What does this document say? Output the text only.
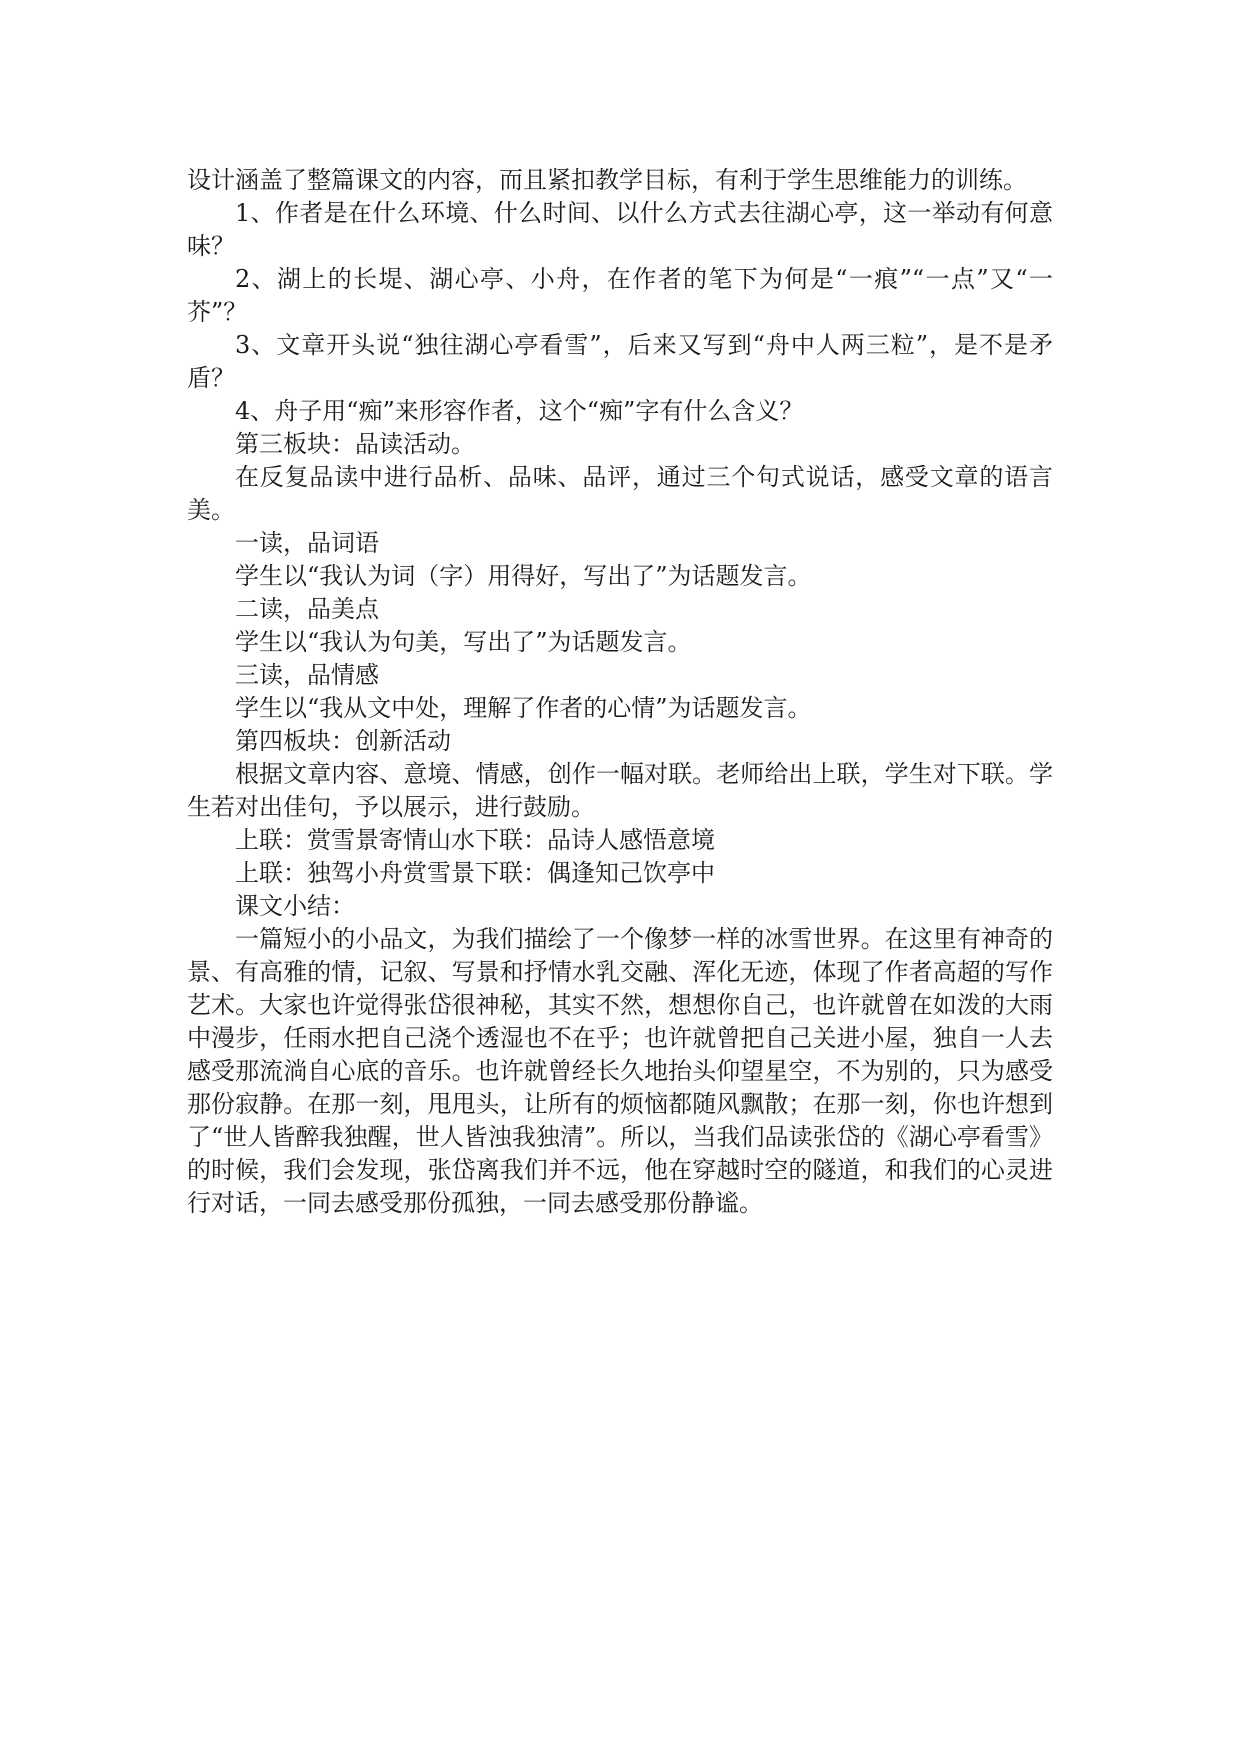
设计涵盖了整篇课文的内容，而且紧扣教学目标，有利于学生思维能力的训练。

1、作者是在什么环境、什么时间、以什么方式去往湖心亭，这一举动有何意味？

2、湖上的长堤、湖心亭、小舟，在作者的笔下为何是“一痕”“一点”又“一芥”？

3、文章开头说“独往湖心亭看雪”，后来又写到“舟中人两三粒”，是不是矛盾？

4、舟子用“痴”来形容作者，这个“痴”字有什么含义？

第三板块：品读活动。

在反复品读中进行品析、品味、品评，通过三个句式说话，感受文章的语言美。

一读，品词语

学生以“我认为词（字）用得好，写出了”为话题发言。

二读，品美点

学生以“我认为句美，写出了”为话题发言。

三读，品情感

学生以“我从文中处，理解了作者的心情”为话题发言。

第四板块：创新活动

根据文章内容、意境、情感，创作一幅对联。老师给出上联，学生对下联。学生若对出佳句，予以展示，进行鼓励。

上联：赏雪景寄情山水下联：品诗人感悟意境

上联：独驾小舟赏雪景下联：偶逢知己饮亭中

课文小结：

一篇短小的小品文，为我们描绘了一个像梦一样的冰雪世界。在这里有神奇的景、有高雅的情，记叙、写景和抒情水乳交融、浑化无迹，体现了作者高超的写作艺术。大家也许觉得张岱很神秘，其实不然，想想你自己，也许就曾在如泼的大雨中漫步，任雨水把自己浇个透湿也不在乎；也许就曾把自己关进小屋，独自一人去感受那流淌自心底的音乐。也许就曾经长久地抬头仰望星空，不为别的，只为感受那份寂静。在那一刻，甩甩头，让所有的烦恼都随风飘散；在那一刻，你也许想到了“世人皆醉我独醒，世人皆浊我独清”。所以，当我们品读张岱的《湖心亭看雪》的时候，我们会发现，张岱离我们并不远，他在穿越时空的隧道，和我们的心灵进行对话，一同去感受那份孤独，一同去感受那份静谧。
